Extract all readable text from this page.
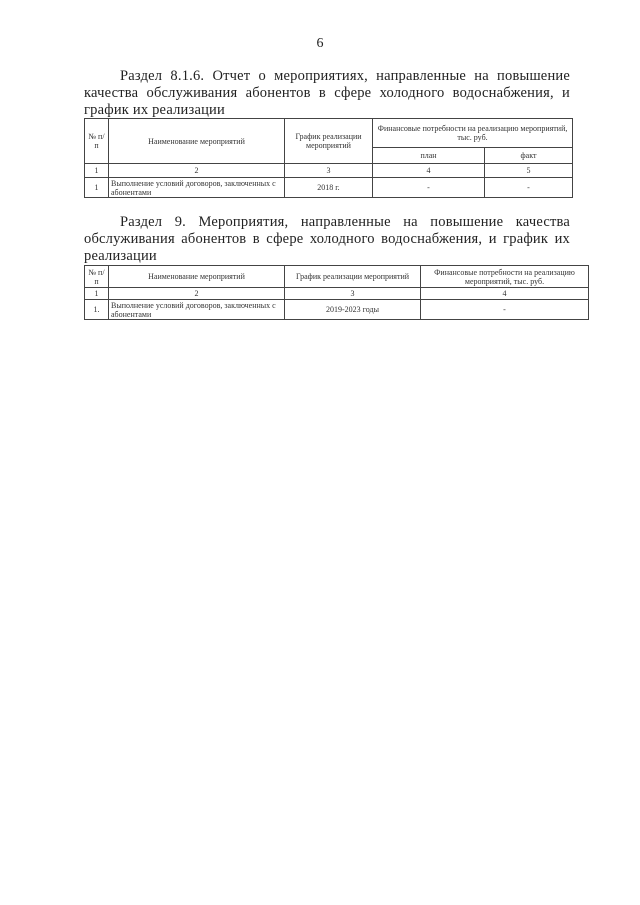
6
Раздел 8.1.6. Отчет о мероприятиях, направленные на повышение качества обслуживания абонентов в сфере холодного водоснабжения, и график их реализации
№ п/п	Наименование мероприятий	График реализации мероприятий	Финансовые потребности на реализацию мероприятий, тыс. руб.	
			план	факт
1	2	3	4	5
1	Выполнение условий договоров, заключенных с абонентами	2018 г.	-	-
Раздел 9. Мероприятия, направленные на повышение качества обслуживания абонентов в сфере холодного водоснабжения, и график их реализации
№ п/п	Наименование мероприятий	График реализации мероприятий	Финансовые потребности на реализацию мероприятий, тыс. руб.
1	2	3	4
1.	Выполнение условий договоров, заключенных с абонентами	2019-2023 годы	-
